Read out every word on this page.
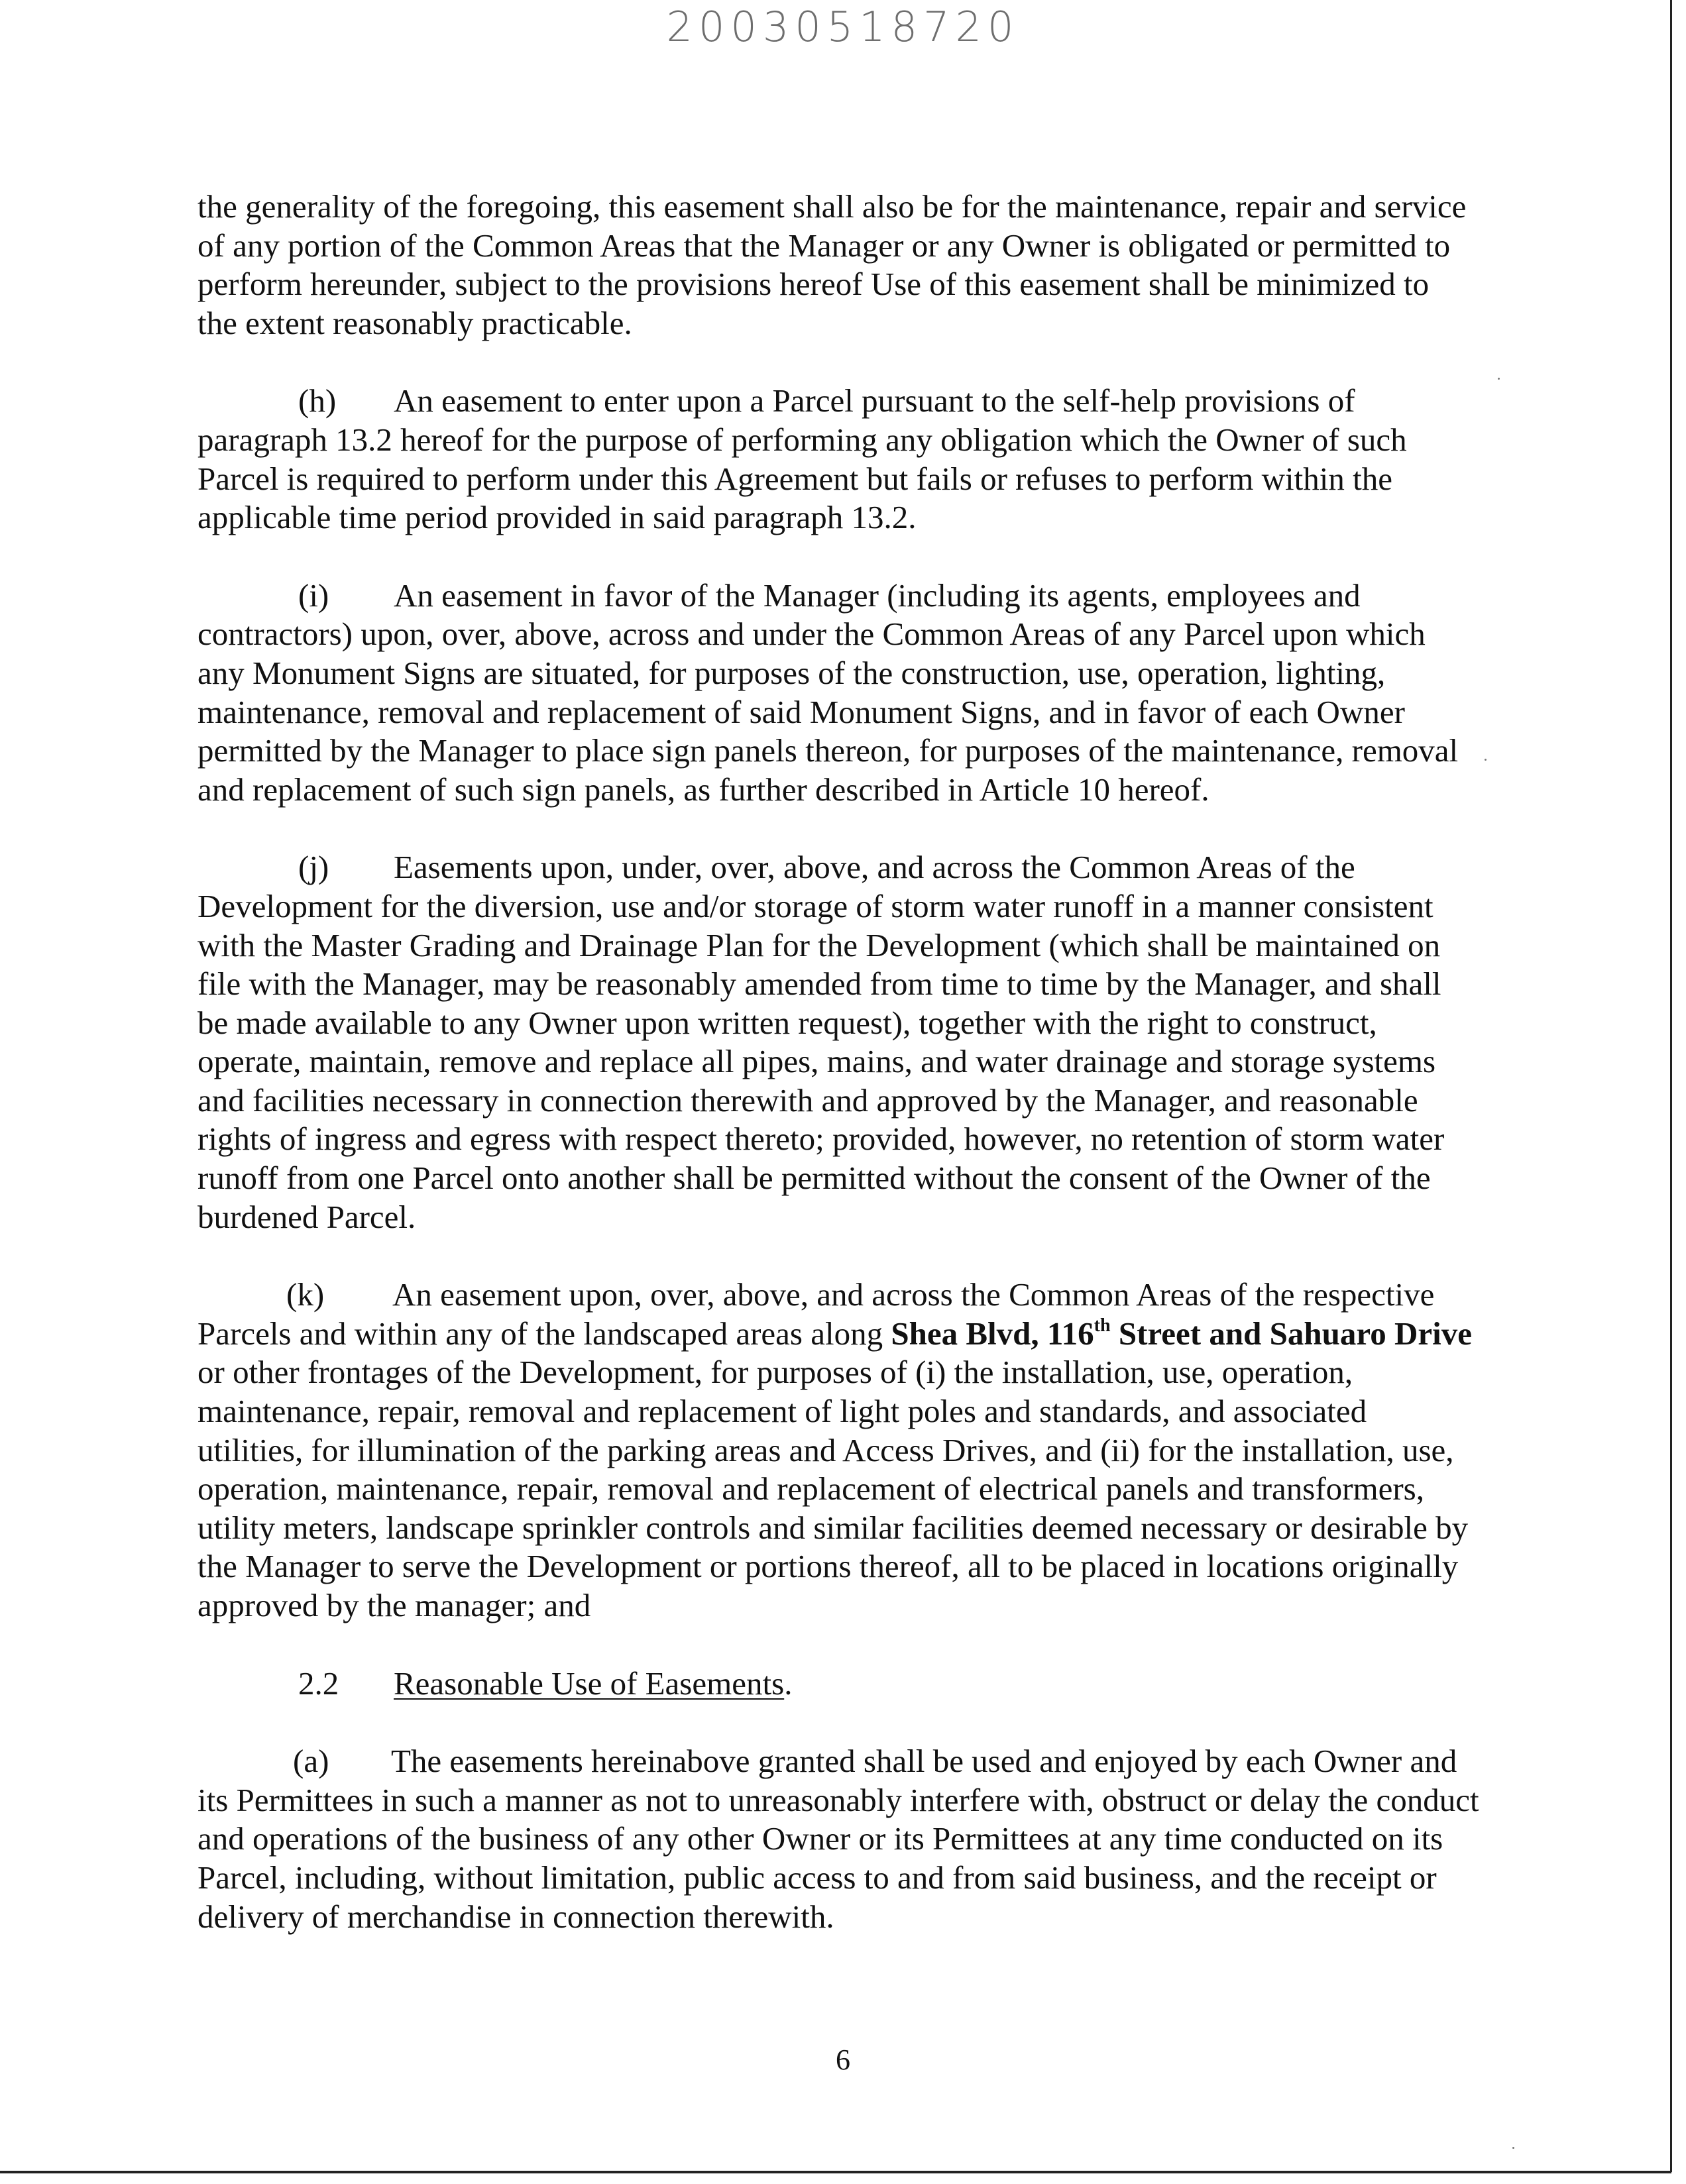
20030518720

the generality of the foregoing, this easement shall also be for the maintenance, repair and service
of any portion of the Common Areas that the Manager or any Owner is obligated or permitted to
perform hereunder, subject to the provisions hereof Use of this easement shall be minimized to
the extent reasonably practicable.

(h) An easement to enter upon a Parcel pursuant to the self-help provisions of
paragraph 13.2 hereof for the purpose of performing any obligation which the Owner of such
Parcel is required to perform under this Agreement but fails or refuses to perform within the
applicable time period provided in said paragraph 13.2.

(i) An easement in favor of the Manager (including its agents, employees and
contractors) upon, over, above, across and under the Common Areas of any Parcel upon which
any Monument Signs are situated, for purposes of the construction, use, operation, lighting,
maintenance, removal and replacement of said Monument Signs, and in favor of each Owner
permitted by the Manager to place sign panels thereon, for purposes of the maintenance, removal
and replacement of such sign panels, as further described in Article 10 hereof.

(j) Easements upon, under, over, above, and across the Common Areas of the
Development for the diversion, use and/or storage of storm water runoff in a manner consistent
with the Master Grading and Drainage Plan for the Development (which shall be maintained on
file with the Manager, may be reasonably amended from time to time by the Manager, and shall
be made available to any Owner upon written request), together with the right to construct,
operate, maintain, remove and replace all pipes, mains, and water drainage and storage systems
and facilities necessary in connection therewith and approved by the Manager, and reasonable
rights of ingress and egress with respect thereto; provided, however, no retention of storm water
runoff from one Parcel onto another shall be permitted without the consent of the Owner of the
burdened Parcel.

(k) An easement upon, over, above, and across the Common Areas of the respective
Parcels and within any of the landscaped areas along Shea Blvd, 116th Street and Sahuaro Drive
or other frontages of the Development, for purposes of (i) the installation, use, operation,
maintenance, repair, removal and replacement of light poles and standards, and associated
utilities, for illumination of the parking areas and Access Drives, and (ii) for the installation, use,
operation, maintenance, repair, removal and replacement of electrical panels and transformers,
utility meters, landscape sprinkler controls and similar facilities deemed necessary or desirable by
the Manager to serve the Development or portions thereof, all to be placed in locations originally
approved by the manager; and

2.2 Reasonable Use of Easements.

(a) The easements hereinabove granted shall be used and enjoyed by each Owner and
its Permittees in such a manner as not to unreasonably interfere with, obstruct or delay the conduct
and operations of the business of any other Owner or its Permittees at any time conducted on its
Parcel, including, without limitation, public access to and from said business, and the receipt or
delivery of merchandise in connection therewith.

6
